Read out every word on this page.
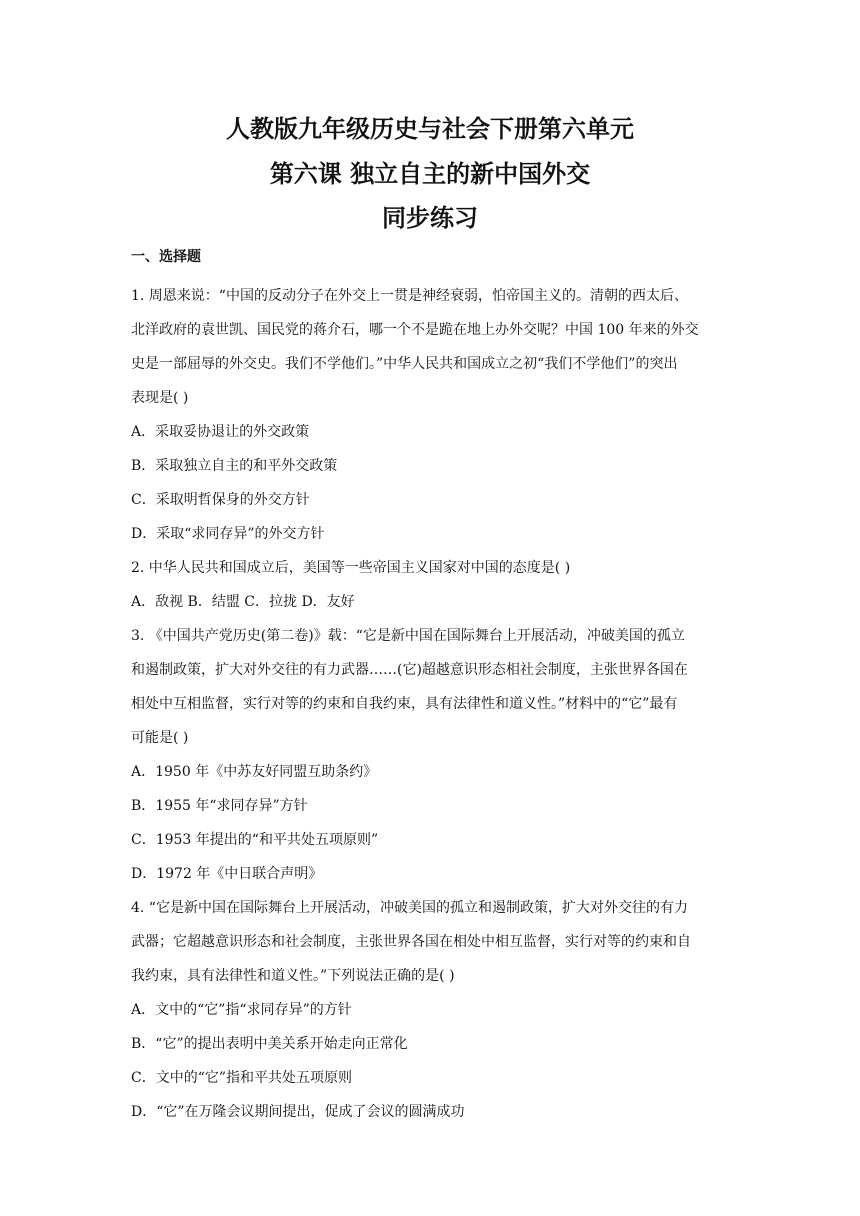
人教版九年级历史与社会下册第六单元
第六课 独立自主的新中国外交
同步练习
一、选择题
1. 周恩来说：“中国的反动分子在外交上一贯是神经衰弱，怕帝国主义的。清朝的西太后、
北洋政府的袁世凯、国民党的蒋介石，哪一个不是跪在地上办外交呢？中国 100 年来的外交
史是一部屈辱的外交史。我们不学他们。”中华人民共和国成立之初“我们不学他们”的突出
表现是( )
A．采取妥协退让的外交政策
B．采取独立自主的和平外交政策
C．采取明哲保身的外交方针
D．采取“求同存异”的外交方针
2. 中华人民共和国成立后，美国等一些帝国主义国家对中国的态度是( )
A．敌视 B．结盟 C．拉拢 D．友好
3. 《中国共产党历史(第二卷)》载：“它是新中国在国际舞台上开展活动，冲破美国的孤立
和遏制政策，扩大对外交往的有力武器……(它)超越意识形态相社会制度，主张世界各国在
相处中互相监督，实行对等的约束和自我约束，具有法律性和道义性。”材料中的“它”最有
可能是( )
A．1950 年《中苏友好同盟互助条约》
B．1955 年“求同存异”方针
C．1953 年提出的“和平共处五项原则”
D．1972 年《中日联合声明》
4. “它是新中国在国际舞台上开展活动，冲破美国的孤立和遏制政策，扩大对外交往的有力
武器；它超越意识形态和社会制度，主张世界各国在相处中相互监督，实行对等的约束和自
我约束，具有法律性和道义性。”下列说法正确的是( )
A．文中的“它”指“求同存异”的方针
B．“它”的提出表明中美关系开始走向正常化
C．文中的“它”指和平共处五项原则
D．“它”在万隆会议期间提出，促成了会议的圆满成功
